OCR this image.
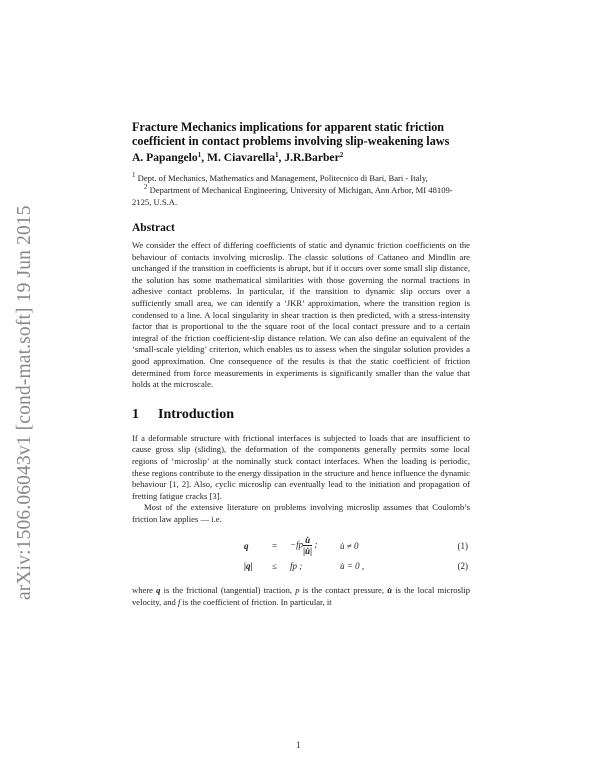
arXiv:1506.06043v1 [cond-mat.soft] 19 Jun 2015
Fracture Mechanics implications for apparent static friction coefficient in contact problems involving slip-weakening laws
A. Papangelo$^1$, M. Ciavarella$^1$, J.R.Barber$^2$

$^1$ Dept. of Mechanics, Mathematics and Management, Politecnico di Bari, Bari - Italy,

$^2$ Department of Mechanical Engineering, University of Michigan, Ann Arbor, MI 48109-2125, U.S.A.

Abstract

We consider the effect of differing coefficients of static and dynamic friction coefficients on the behaviour of contacts involving microslip. The classic solutions of Cattaneo and Mindlin are unchanged if the transition in coefficients is abrupt, but if it occurs over some small slip distance, the solution has some mathematical similarities with those governing the normal tractions in adhesive contact problems. In particular, if the transition to dynamic slip occurs over a sufficiently small area, we can identify a ‘JKR’ approximation, where the transition region is condensed to a line. A local singularity in shear traction is then predicted, with a stress-intensity factor that is proportional to the the square root of the local contact pressure and to a certain integral of the friction coefficient-slip distance relation. We can also define an equivalent of the ‘small-scale yielding’ criterion, which enables us to assess when the singular solution provides a good approximation. One consequence of the results is that the static coefficient of friction determined from force measurements in experiments is significantly smaller than the value that holds at the microscale.

1 Introduction

If a deformable structure with frictional interfaces is subjected to loads that are insufficient to cause gross slip (sliding), the deformation of the components generally permits some local regions of ‘microslip’ at the nominally stuck contact interfaces. When the loading is periodic, these regions contribute to the energy dissipation in the structure and hence influence the dynamic behaviour [1, 2]. Also, cyclic microslip can eventually lead to the initiation and propagation of fretting fatigue cracks [3].

Most of the extensive literature on problems involving microslip assumes that Coulomb’s friction law applies — i.e.

q	= $-fp \frac{u̇}{|u̇|}$ ;	u̇ ≠ 0	(1)
|q| ≤ fp ;	u̇ = 0 ,	(2)

where q is the frictional (tangential) traction, p is the contact pressure, u̇ is the local microslip velocity, and f is the coefficient of friction. In particular, it

1
